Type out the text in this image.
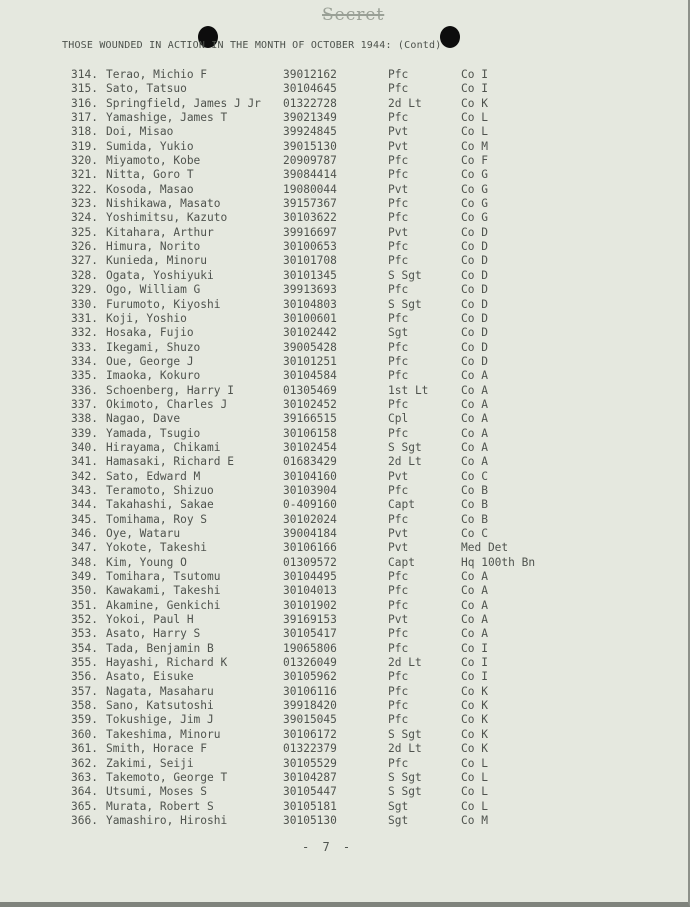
Secret
THOSE WOUNDED IN ACTION IN THE MONTH OF OCTOBER 1944: (Contd)
314. Terao, Michio F	39012162	Pfc	Co I
315. Sato, Tatsuo	30104645	Pfc	Co I
316. Springfield, James J Jr 01322728	2d Lt	Co K
317. Yamashige, James T	39021349	Pfc	Co L
318. Doi, Misao	39924845	Pvt	Co L
319. Sumida, Yukio	39015130	Pvt	Co M
320. Miyamoto, Kobe	20909787	Pfc	Co F
321. Nitta, Goro T	39084414	Pfc	Co G
322. Kosoda, Masao	19080044	Pvt	Co G
323. Nishikawa, Masato	39157367	Pfc	Co G
324. Yoshimitsu, Kazuto	30103622	Pfc	Co G
325. Kitahara, Arthur	39916697	Pvt	Co D
326. Himura, Norito	30100653	Pfc	Co D
327. Kunieda, Minoru	30101708	Pfc	Co D
328. Ogata, Yoshiyuki	30101345	S Sgt	Co D
329. Ogo, William G	39913693	Pfc	Co D
330. Furumoto, Kiyoshi	30104803	S Sgt	Co D
331. Koji, Yoshio	30100601	Pfc	Co D
332. Hosaka, Fujio	30102442	Sgt	Co D
333. Ikegami, Shuzo	39005428	Pfc	Co D
334. Oue, George J	30101251	Pfc	Co D
335. Imaoka, Kokuro	30104584	Pfc	Co A
336. Schoenberg, Harry I	01305469	1st Lt	Co A
337. Okimoto, Charles J	30102452	Pfc	Co A
338. Nagao, Dave	39166515	Cpl	Co A
339. Yamada, Tsugio	30106158	Pfc	Co A
340. Hirayama, Chikami	30102454	S Sgt	Co A
341. Hamasaki, Richard E	01683429	2d Lt	Co A
342. Sato, Edward M	30104160	Pvt	Co C
343. Teramoto, Shizuo	30103904	Pfc	Co B
344. Takahashi, Sakae	0-409160	Capt	Co B
345. Tomihama, Roy S	30102024	Pfc	Co B
346. Oye, Wataru	39004184	Pvt	Co C
347. Yokote, Takeshi	30106166	Pvt	Med Det
348. Kim, Young O	01309572	Capt	Hq 100th Bn
349. Tomihara, Tsutomu	30104495	Pfc	Co A
350. Kawakami, Takeshi	30104013	Pfc	Co A
351. Akamine, Genkichi	30101902	Pfc	Co A
352. Yokoi, Paul H	39169153	Pvt	Co A
353. Asato, Harry S	30105417	Pfc	Co A
354. Tada, Benjamin B	19065806	Pfc	Co I
355. Hayashi, Richard K	01326049	2d Lt	Co I
356. Asato, Eisuke	30105962	Pfc	Co I
357. Nagata, Masaharu	30106116	Pfc	Co K
358. Sano, Katsutoshi	39918420	Pfc	Co K
359. Tokushige, Jim J	39015045	Pfc	Co K
360. Takeshima, Minoru	30106172	S Sgt	Co K
361. Smith, Horace F	01322379	2d Lt	Co K
362. Zakimi, Seiji	30105529	Pfc	Co L
363. Takemoto, George T	30104287	S Sgt	Co L
364. Utsumi, Moses S	30105447	S Sgt	Co L
365. Murata, Robert S	30105181	Sgt	Co L
366. Yamashiro, Hiroshi	30105130	Sgt	Co M
- 7 -
